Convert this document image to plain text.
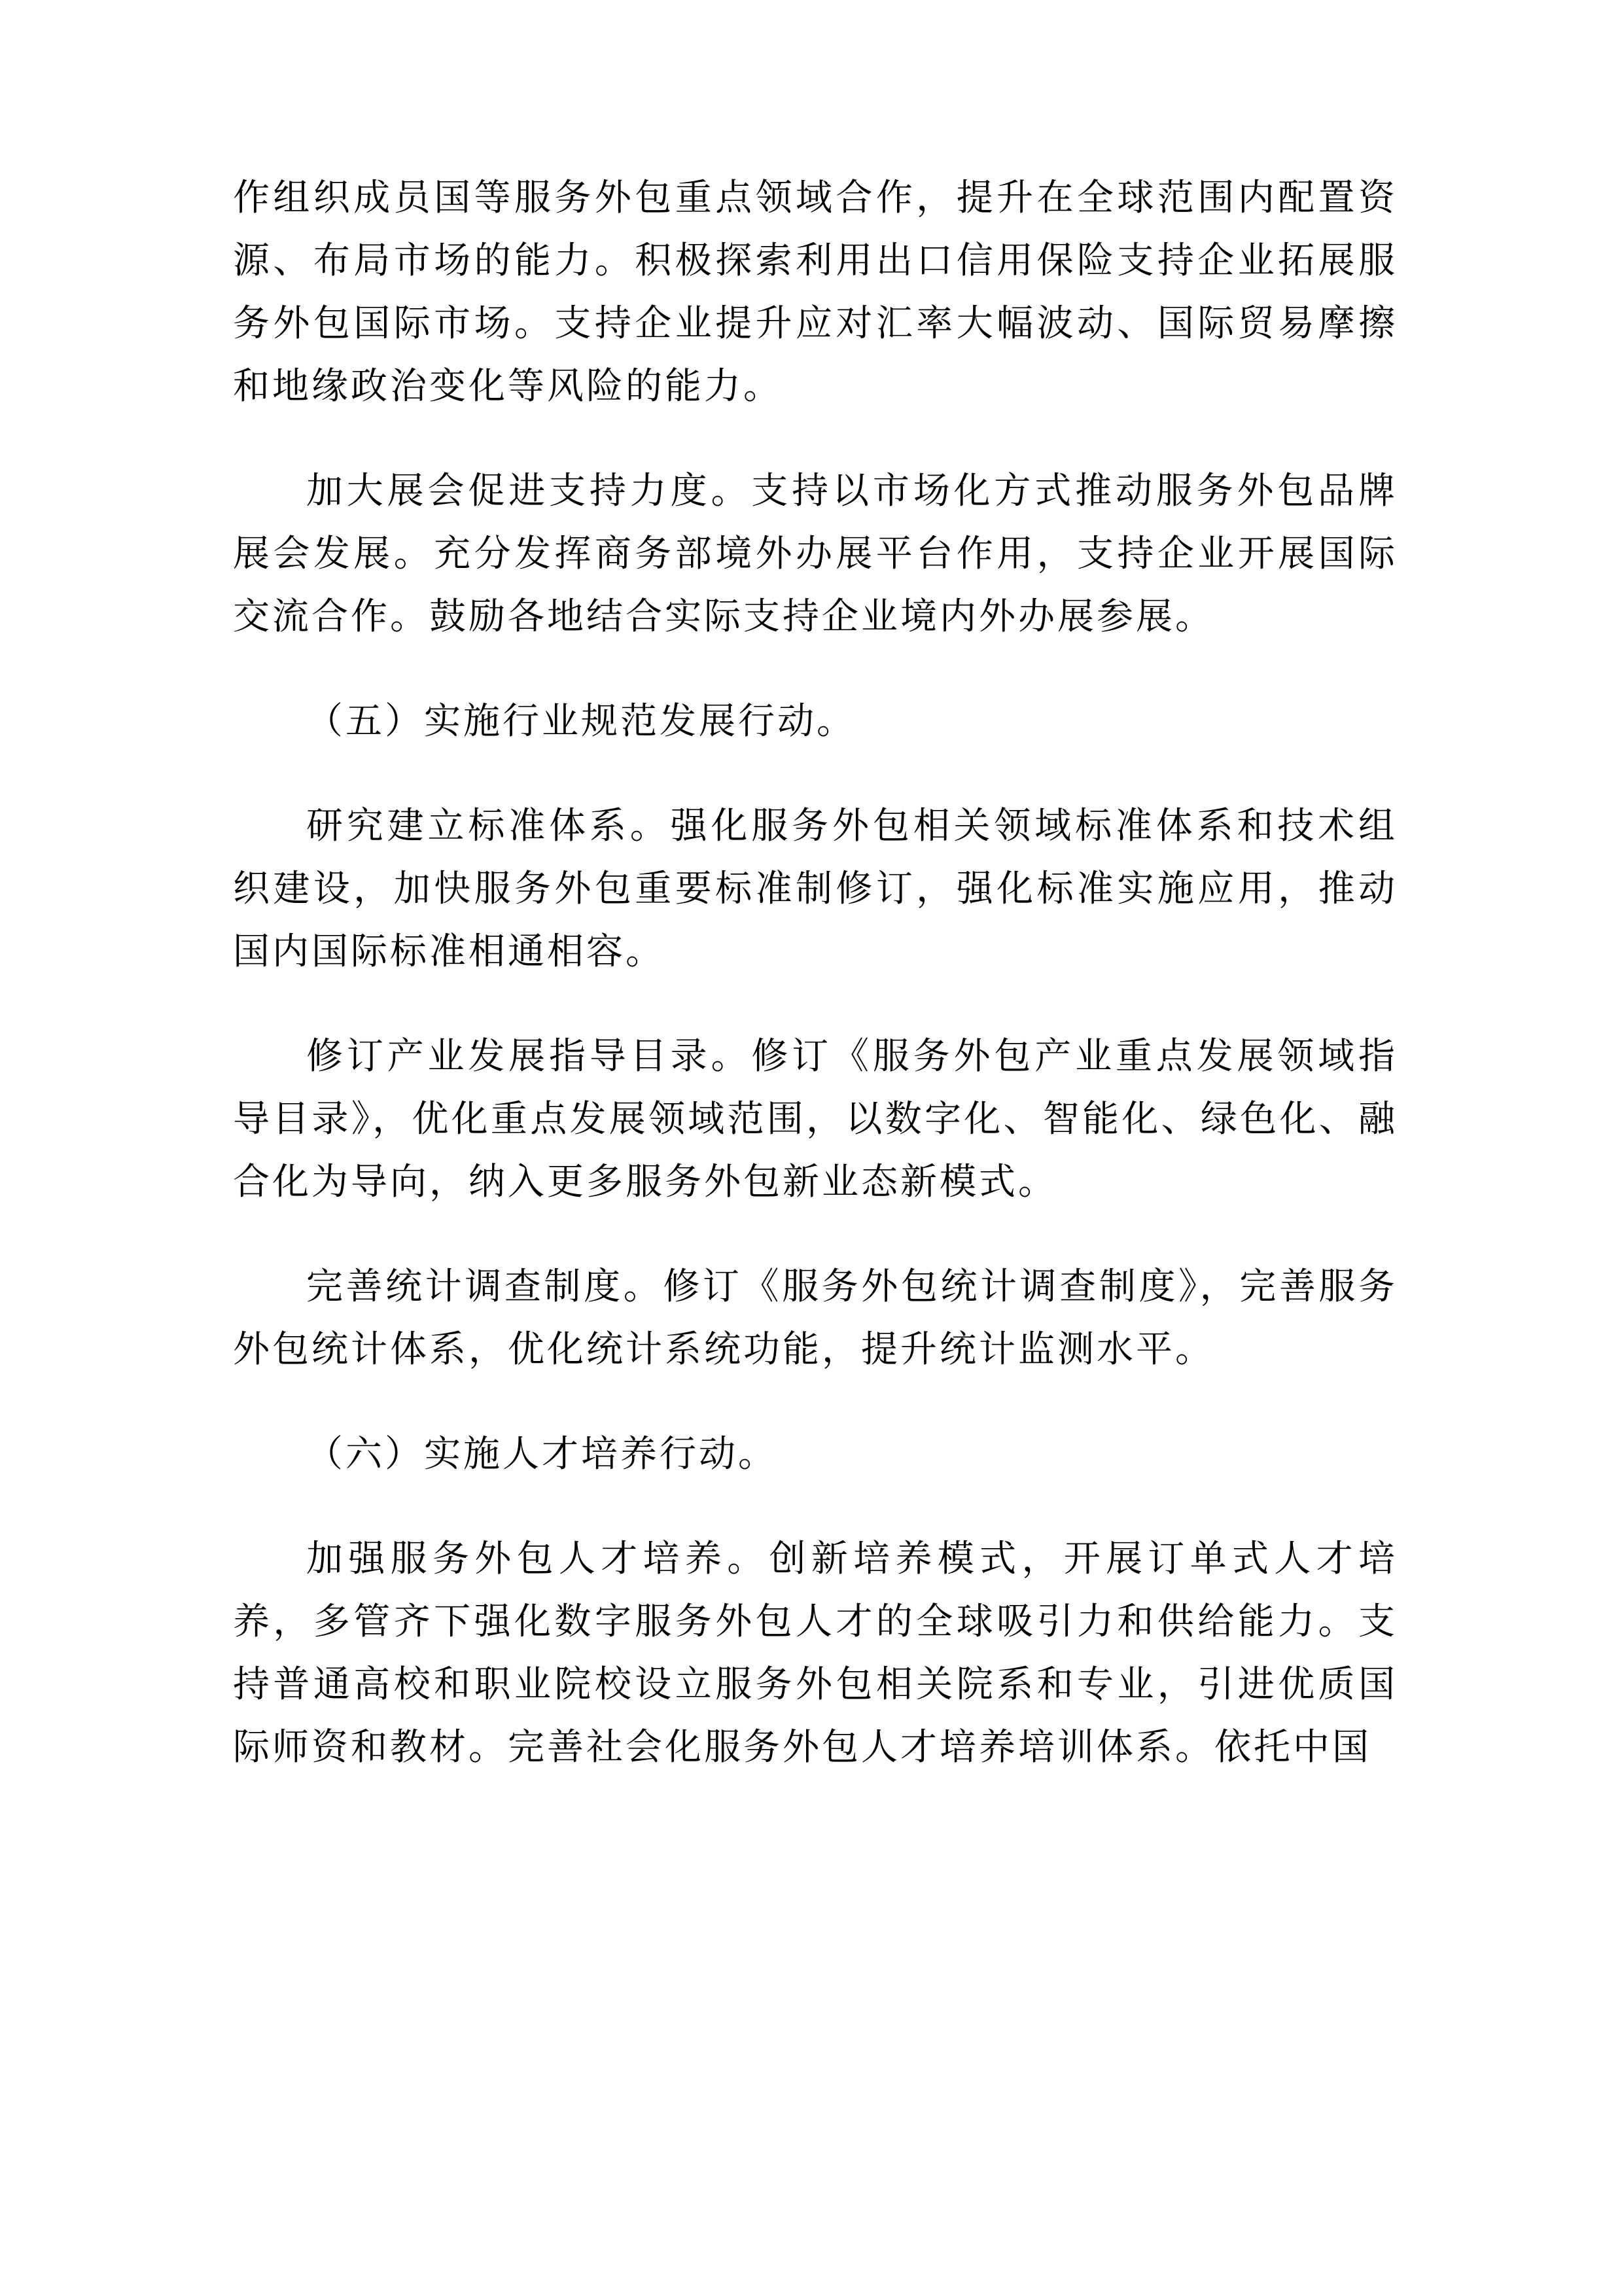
作组织成员国等服务外包重点领域合作，提升在全球范围内配置资源、布局市场的能力。积极探索利用出口信用保险支持企业拓展服务外包国际市场。支持企业提升应对汇率大幅波动、国际贸易摩擦和地缘政治变化等风险的能力。

加大展会促进支持力度。支持以市场化方式推动服务外包品牌展会发展。充分发挥商务部境外办展平台作用，支持企业开展国际交流合作。鼓励各地结合实际支持企业境内外办展参展。

（五）实施行业规范发展行动。

研究建立标准体系。强化服务外包相关领域标准体系和技术组织建设，加快服务外包重要标准制修订，强化标准实施应用，推动国内国际标准相通相容。

修订产业发展指导目录。修订《服务外包产业重点发展领域指导目录》，优化重点发展领域范围，以数字化、智能化、绿色化、融合化为导向，纳入更多服务外包新业态新模式。

完善统计调查制度。修订《服务外包统计调查制度》，完善服务外包统计体系，优化统计系统功能，提升统计监测水平。

（六）实施人才培养行动。

加强服务外包人才培养。创新培养模式，开展订单式人才培养，多管齐下强化数字服务外包人才的全球吸引力和供给能力。支持普通高校和职业院校设立服务外包相关院系和专业，引进优质国际师资和教材。完善社会化服务外包人才培养培训体系。依托中国
